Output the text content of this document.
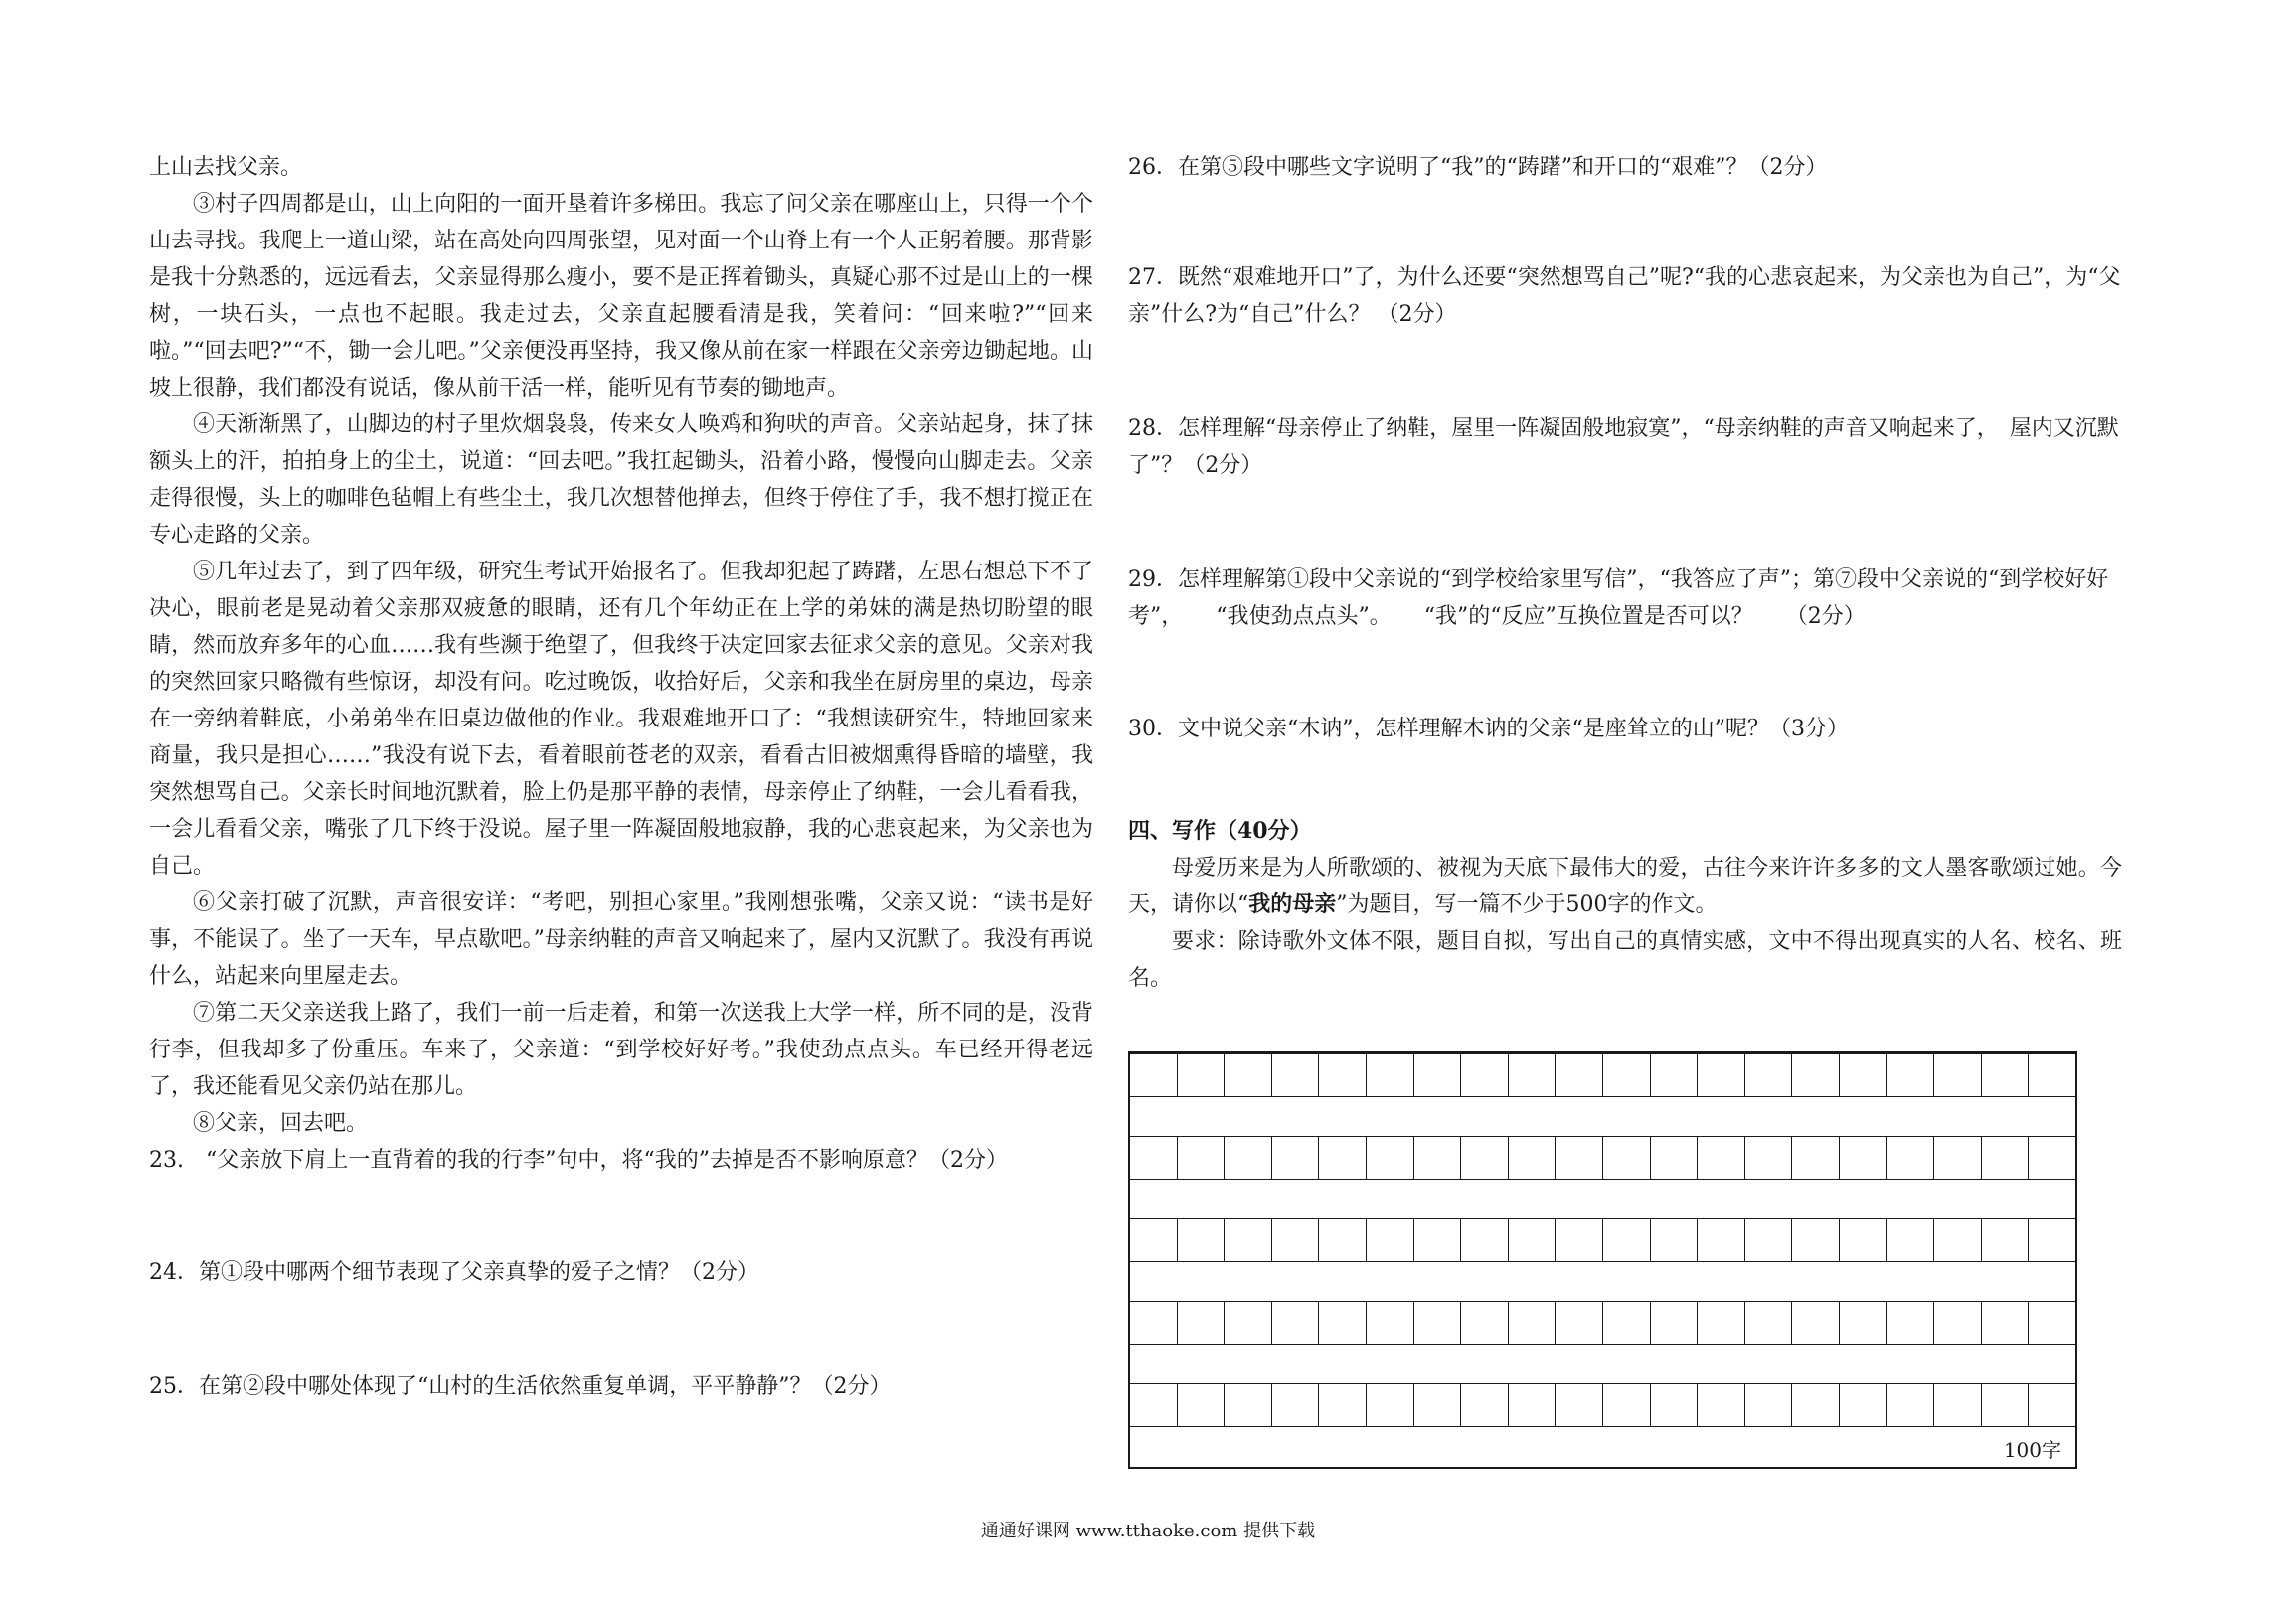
上山去找父亲。

③村子四周都是山，山上向阳的一面开垦着许多梯田。我忘了问父亲在哪座山上，只得一个个山去寻找。我爬上一道山梁，站在高处向四周张望，见对面一个山脊上有一个人正躬着腰。那背影是我十分熟悉的，远远看去，父亲显得那么瘦小，要不是正挥着锄头，真疑心那不过是山上的一棵树，一块石头，一点也不起眼。我走过去，父亲直起腰看清是我，笑着问：“回来啦?”“回来啦。”“回去吧?”“不，锄一会儿吧。”父亲便没再坚持，我又像从前在家一样跟在父亲旁边锄起地。山坡上很静，我们都没有说话，像从前干活一样，能听见有节奏的锄地声。

④天渐渐黑了，山脚边的村子里炊烟袅袅，传来女人唤鸡和狗吠的声音。父亲站起身，抹了抹额头上的汗，拍拍身上的尘土，说道：“回去吧。”我扛起锄头，沿着小路，慢慢向山脚走去。父亲走得很慢，头上的咖啡色毡帽上有些尘土，我几次想替他掸去，但终于停住了手，我不想打搅正在专心走路的父亲。

⑤几年过去了，到了四年级，研究生考试开始报名了。但我却犯起了踌躇，左思右想总下不了决心，眼前老是晃动着父亲那双疲惫的眼睛，还有几个年幼正在上学的弟妹的满是热切盼望的眼睛，然而放弃多年的心血……我有些濒于绝望了，但我终于决定回家去征求父亲的意见。父亲对我的突然回家只略微有些惊讶，却没有问。吃过晚饭，收拾好后，父亲和我坐在厨房里的桌边，母亲在一旁纳着鞋底，小弟弟坐在旧桌边做他的作业。我艰难地开口了：“我想读研究生，特地回家来商量，我只是担心……”我没有说下去，看着眼前苍老的双亲，看看古旧被烟熏得昏暗的墙壁，我突然想骂自己。父亲长时间地沉默着，脸上仍是那平静的表情，母亲停止了纳鞋，一会儿看看我，一会儿看看父亲，嘴张了几下终于没说。屋子里一阵凝固般地寂静，我的心悲哀起来，为父亲也为自己。

⑥父亲打破了沉默，声音很安详：“考吧，别担心家里。”我刚想张嘴，父亲又说：“读书是好事，不能误了。坐了一天车，早点歇吧。”母亲纳鞋的声音又响起来了，屋内又沉默了。我没有再说什么，站起来向里屋走去。

⑦第二天父亲送我上路了，我们一前一后走着，和第一次送我上大学一样，所不同的是，没背行李，但我却多了份重压。车来了，父亲道：“到学校好好考。”我使劲点点头。车已经开得老远了，我还能看见父亲仍站在那儿。

⑧父亲，回去吧。

23.　“父亲放下肩上一直背着的我的行李”句中，将“我的”去掉是否不影响原意？（2分）

24．第①段中哪两个细节表现了父亲真挚的爱子之情？（2分）

25．在第②段中哪处体现了“山村的生活依然重复单调，平平静静”？（2分）

26．在第⑤段中哪些文字说明了“我”的“踌躇”和开口的“艰难”？（2分）

27．既然“艰难地开口”了，为什么还要“突然想骂自己”呢?“我的心悲哀起来，为父亲也为自己”，为“父亲”什么?为“自己”什么？ （2分）

28．怎样理解“母亲停止了纳鞋，屋里一阵凝固般地寂寞”，“母亲纳鞋的声音又响起来了，　屋内又沉默了”？（2分）

29．怎样理解第①段中父亲说的“到学校给家里写信”，“我答应了声”；第⑦段中父亲说的“到学校好好考”，　　“我使劲点点头”。　　“我”的“反应”互换位置是否可以？　　（2分）

30．文中说父亲“木讷”，怎样理解木讷的父亲“是座耸立的山”呢？（3分）

四、写作（40分）

母爱历来是为人所歌颂的、被视为天底下最伟大的爱，古往今来许许多多的文人墨客歌颂过她。今天，请你以“我的母亲”为题目，写一篇不少于500字的作文。

要求：除诗歌外文体不限，题目自拟，写出自己的真情实感，文中不得出现真实的人名、校名、班名。

100字
通通好课网 www.tthaoke.com 提供下载
